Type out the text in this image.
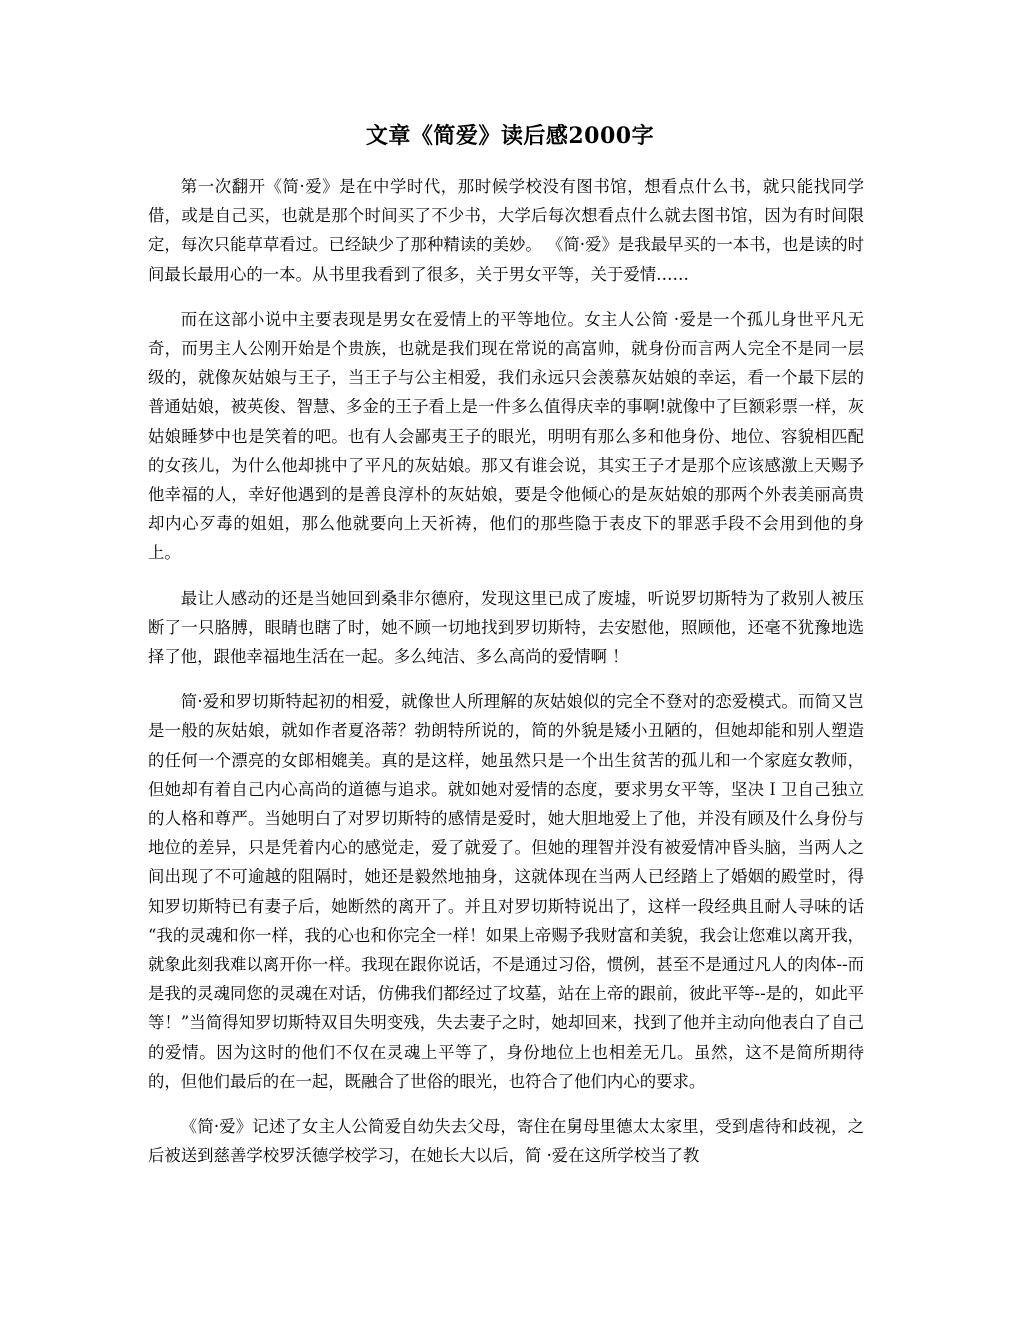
文章《简爱》读后感2000字

第一次翻开《简·爱》是在中学时代，那时候学校没有图书馆，想看点什么书，就只能找同学借，或是自己买，也就是那个时间买了不少书，大学后每次想看点什么就去图书馆，因为有时间限定，每次只能草草看过。已经缺少了那种精读的美妙。 《简·爱》是我最早买的一本书，也是读的时间最长最用心的一本。从书里我看到了很多，关于男女平等，关于爱情……

而在这部小说中主要表现是男女在爱情上的平等地位。女主人公简 ·爱是一个孤儿身世平凡无奇，而男主人公刚开始是个贵族，也就是我们现在常说的高富帅，就身份而言两人完全不是同一层级的，就像灰姑娘与王子，当王子与公主相爱，我们永远只会羡慕灰姑娘的幸运，看一个最下层的普通姑娘，被英俊、智慧、多金的王子看上是一件多么值得庆幸的事啊!就像中了巨额彩票一样，灰姑娘睡梦中也是笑着的吧。也有人会鄙夷王子的眼光，明明有那么多和他身份、地位、容貌相匹配的女孩儿，为什么他却挑中了平凡的灰姑娘。那又有谁会说，其实王子才是那个应该感激上天赐予他幸福的人，幸好他遇到的是善良淳朴的灰姑娘，要是令他倾心的是灰姑娘的那两个外表美丽高贵却内心歹毒的姐姐，那么他就要向上天祈祷，他们的那些隐于表皮下的罪恶手段不会用到他的身上。

最让人感动的还是当她回到桑非尔德府，发现这里已成了废墟，听说罗切斯特为了救别人被压断了一只胳膊，眼睛也瞎了时，她不顾一切地找到罗切斯特，去安慰他，照顾他，还毫不犹豫地选择了他，跟他幸福地生活在一起。多么纯洁、多么高尚的爱情啊 ！

简·爱和罗切斯特起初的相爱，就像世人所理解的灰姑娘似的完全不登对的恋爱模式。而简又岂是一般的灰姑娘，就如作者夏洛蒂？勃朗特所说的，简的外貌是矮小丑陋的，但她却能和别人塑造的任何一个漂亮的女郎相媲美。真的是这样，她虽然只是一个出生贫苦的孤儿和一个家庭女教师，但她却有着自己内心高尚的道德与追求。就如她对爱情的态度，要求男女平等，坚决Ｉ卫自己独立的人格和尊严。当她明白了对罗切斯特的感情是爱时，她大胆地爱上了他，并没有顾及什么身份与地位的差异，只是凭着内心的感觉走，爱了就爱了。但她的理智并没有被爱情冲昏头脑，当两人之间出现了不可逾越的阻隔时，她还是毅然地抽身，这就体现在当两人已经踏上了婚姻的殿堂时，得知罗切斯特已有妻子后，她断然的离开了。并且对罗切斯特说出了，这样一段经典且耐人寻味的话 “我的灵魂和你一样，我的心也和你完全一样！如果上帝赐予我财富和美貌，我会让您难以离开我，就象此刻我难以离开你一样。我现在跟你说话，不是通过习俗，惯例，甚至不是通过凡人的肉体--而是我的灵魂同您的灵魂在对话，仿佛我们都经过了坟墓，站在上帝的跟前，彼此平等--是的，如此平等！”当简得知罗切斯特双目失明变残，失去妻子之时，她却回来，找到了他并主动向他表白了自己的爱情。因为这时的他们不仅在灵魂上平等了，身份地位上也相差无几。虽然，这不是简所期待的，但他们最后的在一起，既融合了世俗的眼光，也符合了他们内心的要求。

《简·爱》记述了女主人公简爱自幼失去父母，寄住在舅母里德太太家里，受到虐待和歧视，之后被送到慈善学校罗沃德学校学习，在她长大以后，简 ·爱在这所学校当了教
